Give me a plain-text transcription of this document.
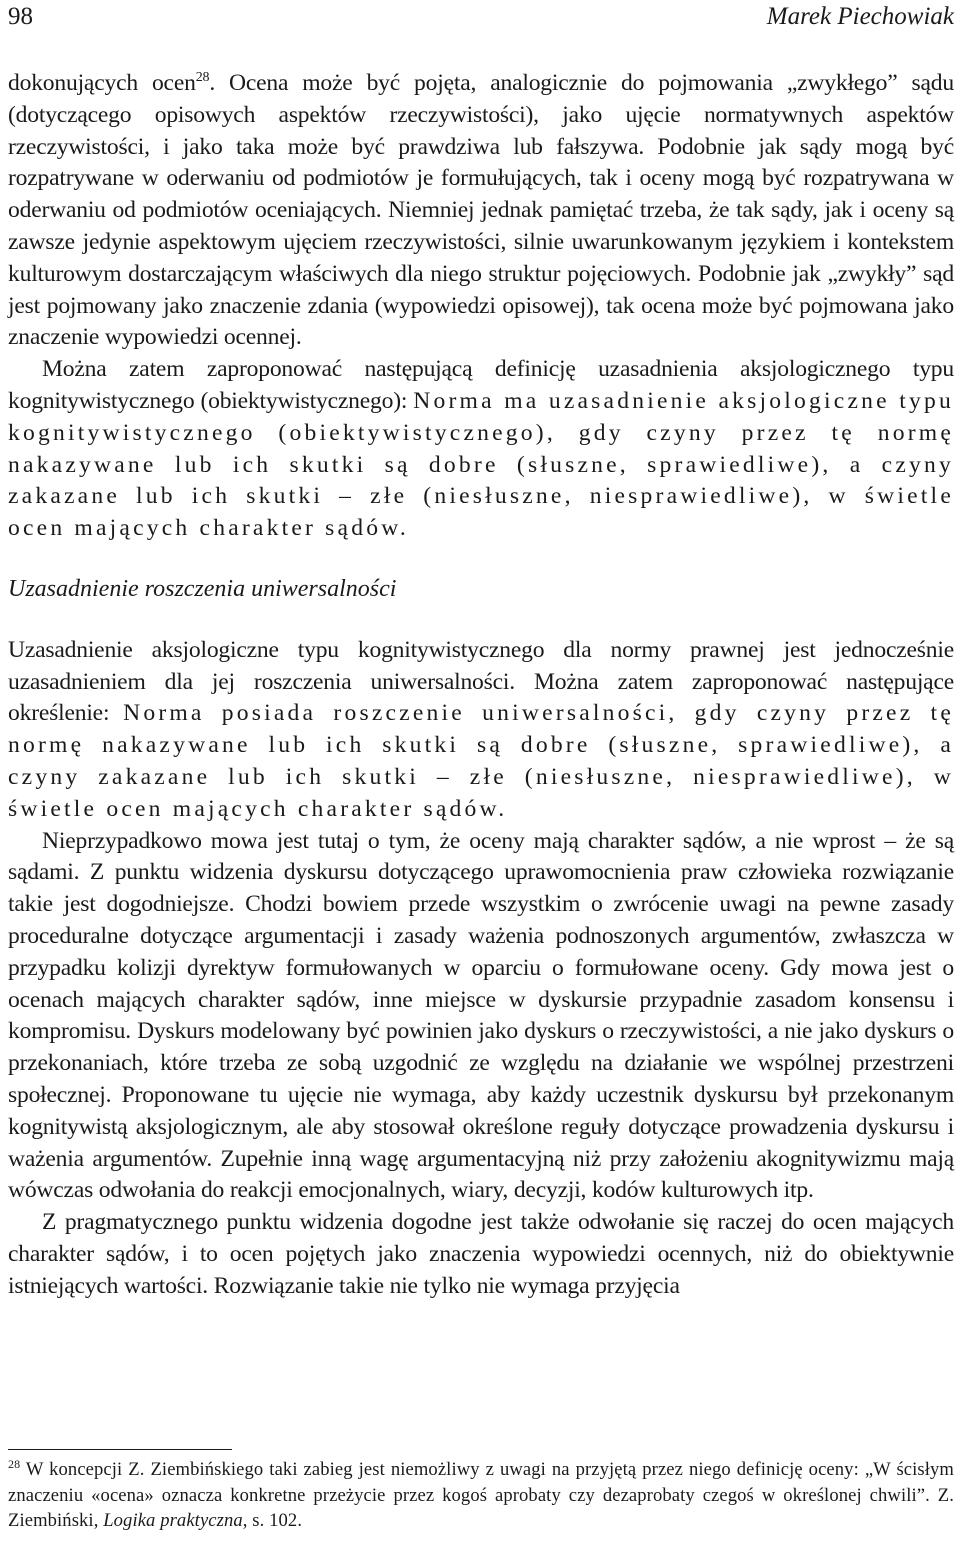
98	Marek Piechowiak

dokonujących ocen$^{28}$. Ocena może być pojęta, analogicznie do pojmowania „zwykłego” sądu (dotyczącego opisowych aspektów rzeczywistości), jako ujęcie normatywnych aspektów rzeczywistości, i jako taka może być prawdziwa lub fałszywa. Podobnie jak sądy mogą być rozpatrywane w oderwaniu od podmiotów je formułujących, tak i oceny mogą być rozpatrywana w oderwaniu od podmiotów oceniających. Niemniej jednak pamiętać trzeba, że tak sądy, jak i oceny są zawsze jedynie aspektowym ujęciem rzeczywistości, silnie uwarunkowanym językiem i kontekstem kulturowym dostarczającym właściwych dla niego struktur pojęciowych. Podobnie jak „zwykły” sąd jest pojmowany jako znaczenie zdania (wypowiedzi opisowej), tak ocena może być pojmowana jako znaczenie wypowiedzi ocennej.

Można zatem zaproponować następującą definicję uzasadnienia aksjologicznego typu kognitywistycznego (obiektywistycznego): Norma ma uzasadnienie aksjologiczne typu kognitywistycznego (obiektywistycznego), gdy czyny przez tę normę nakazywane lub ich skutki są dobre (słuszne, sprawiedliwe), a czyny zakazane lub ich skutki – złe (niesłuszne, niesprawiedliwe), w świetle ocen mających charakter sądów.

Uzasadnienie roszczenia uniwersalności

Uzasadnienie aksjologiczne typu kognitywistycznego dla normy prawnej jest jednocześnie uzasadnieniem dla jej roszczenia uniwersalności. Można zatem zaproponować następujące określenie: Norma posiada roszczenie uniwersalności, gdy czyny przez tę normę nakazywane lub ich skutki są dobre (słuszne, sprawiedliwe), a czyny zakazane lub ich skutki – złe (niesłuszne, niesprawiedliwe), w świetle ocen mających charakter sądów.

Nieprzypadkowo mowa jest tutaj o tym, że oceny mają charakter sądów, a nie wprost – że są sądami. Z punktu widzenia dyskursu dotyczącego uprawomocnienia praw człowieka rozwiązanie takie jest dogodniejsze. Chodzi bowiem przede wszystkim o zwrócenie uwagi na pewne zasady proceduralne dotyczące argumentacji i zasady ważenia podnoszonych argumentów, zwłaszcza w przypadku kolizji dyrektyw formułowanych w oparciu o formułowane oceny. Gdy mowa jest o ocenach mających charakter sądów, inne miejsce w dyskursie przypadnie zasadom konsensu i kompromisu. Dyskurs modelowany być powinien jako dyskurs o rzeczywistości, a nie jako dyskurs o przekonaniach, które trzeba ze sobą uzgodnić ze względu na działanie we wspólnej przestrzeni społecznej. Proponowane tu ujęcie nie wymaga, aby każdy uczestnik dyskursu był przekonanym kognitywistą aksjologicznym, ale aby stosował określone reguły dotyczące prowadzenia dyskursu i ważenia argumentów. Zupełnie inną wagę argumentacyjną niż przy założeniu akognitywizmu mają wówczas odwołania do reakcji emocjonalnych, wiary, decyzji, kodów kulturowych itp.

Z pragmatycznego punktu widzenia dogodne jest także odwołanie się raczej do ocen mających charakter sądów, i to ocen pojętych jako znaczenia wypowiedzi ocennych, niż do obiektywnie istniejących wartości. Rozwiązanie takie nie tylko nie wymaga przyjęcia

$^{28}$ W koncepcji Z. Ziembińskiego taki zabieg jest niemożliwy z uwagi na przyjętą przez niego definicję oceny: „W ścisłym znaczeniu «ocena» oznacza konkretne przeżycie przez kogoś aprobaty czy dezaprobaty czegoś w określonej chwili”. Z. Ziembiński, Logika praktyczna, s. 102.
